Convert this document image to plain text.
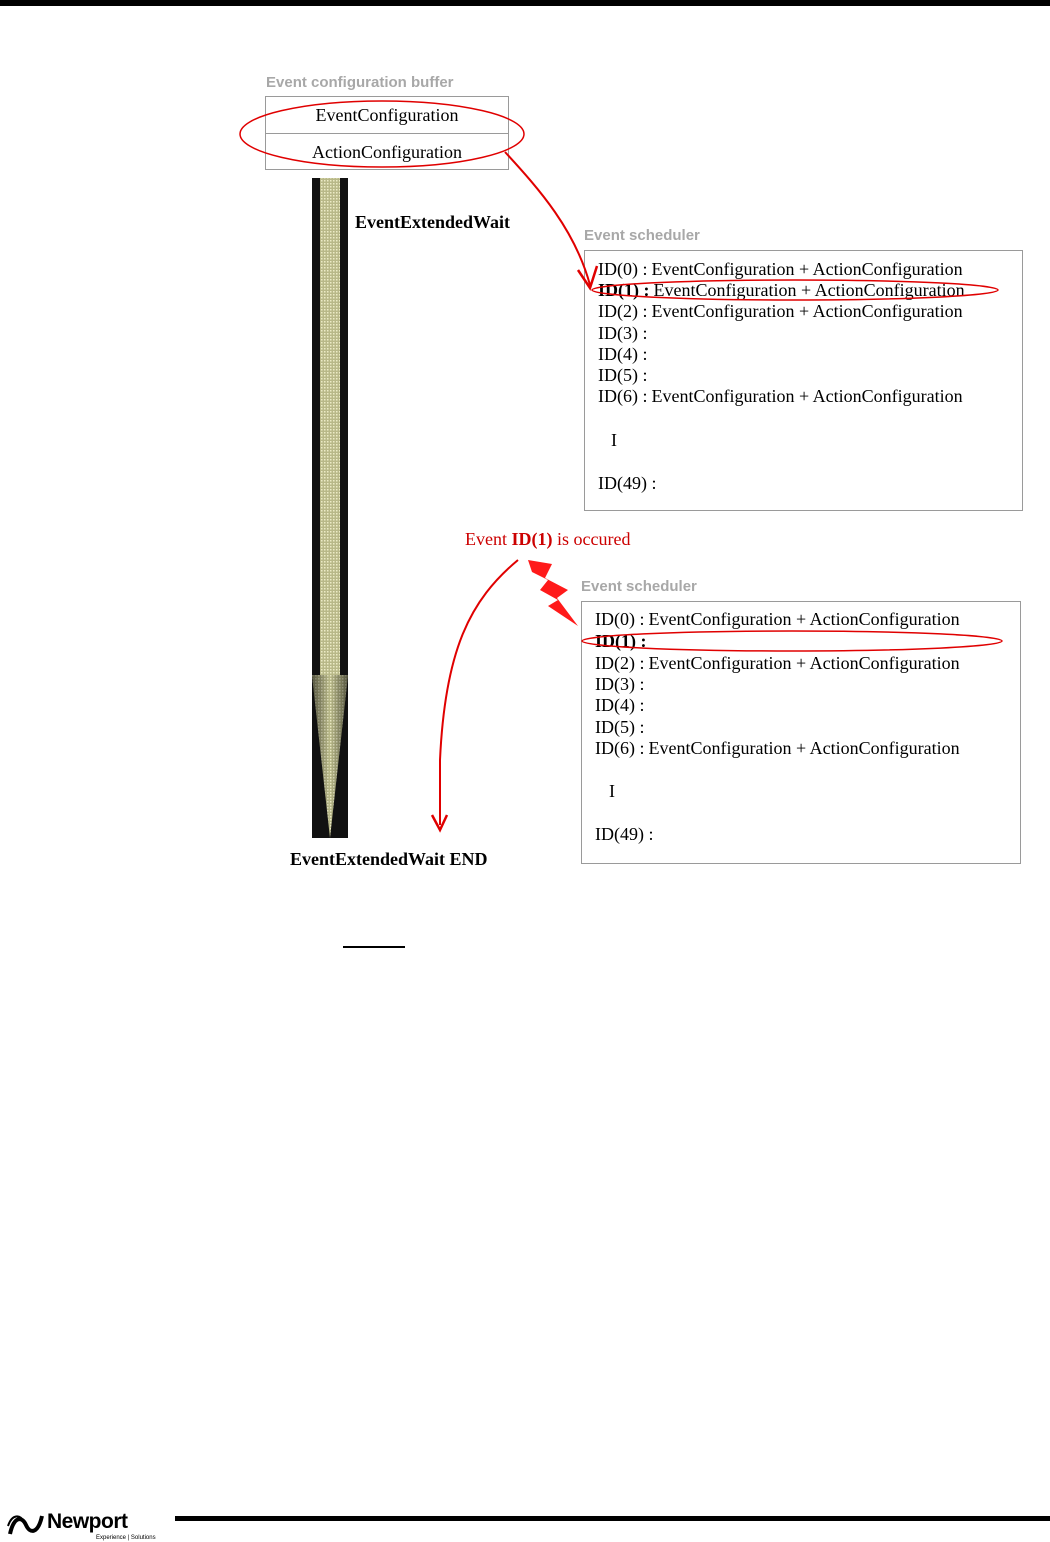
Event configuration buffer
EventConfiguration
ActionConfiguration
Event scheduler
ID(0) : EventConfiguration + ActionConfiguration
ID(1) : EventConfiguration + ActionConfiguration
ID(2) : EventConfiguration + ActionConfiguration
ID(3) :
ID(4) :
ID(5) :
ID(6) : EventConfiguration + ActionConfiguration
I
ID(49) :
Event scheduler
ID(0) : EventConfiguration + ActionConfiguration
ID(1) :
ID(2) : EventConfiguration + ActionConfiguration
ID(3) :
ID(4) :
ID(5) :
ID(6) : EventConfiguration + ActionConfiguration
I
ID(49) :
EventExtendedWait
EventExtendedWait END
Event ID(1) is occured
Newport
Experience | Solutions
